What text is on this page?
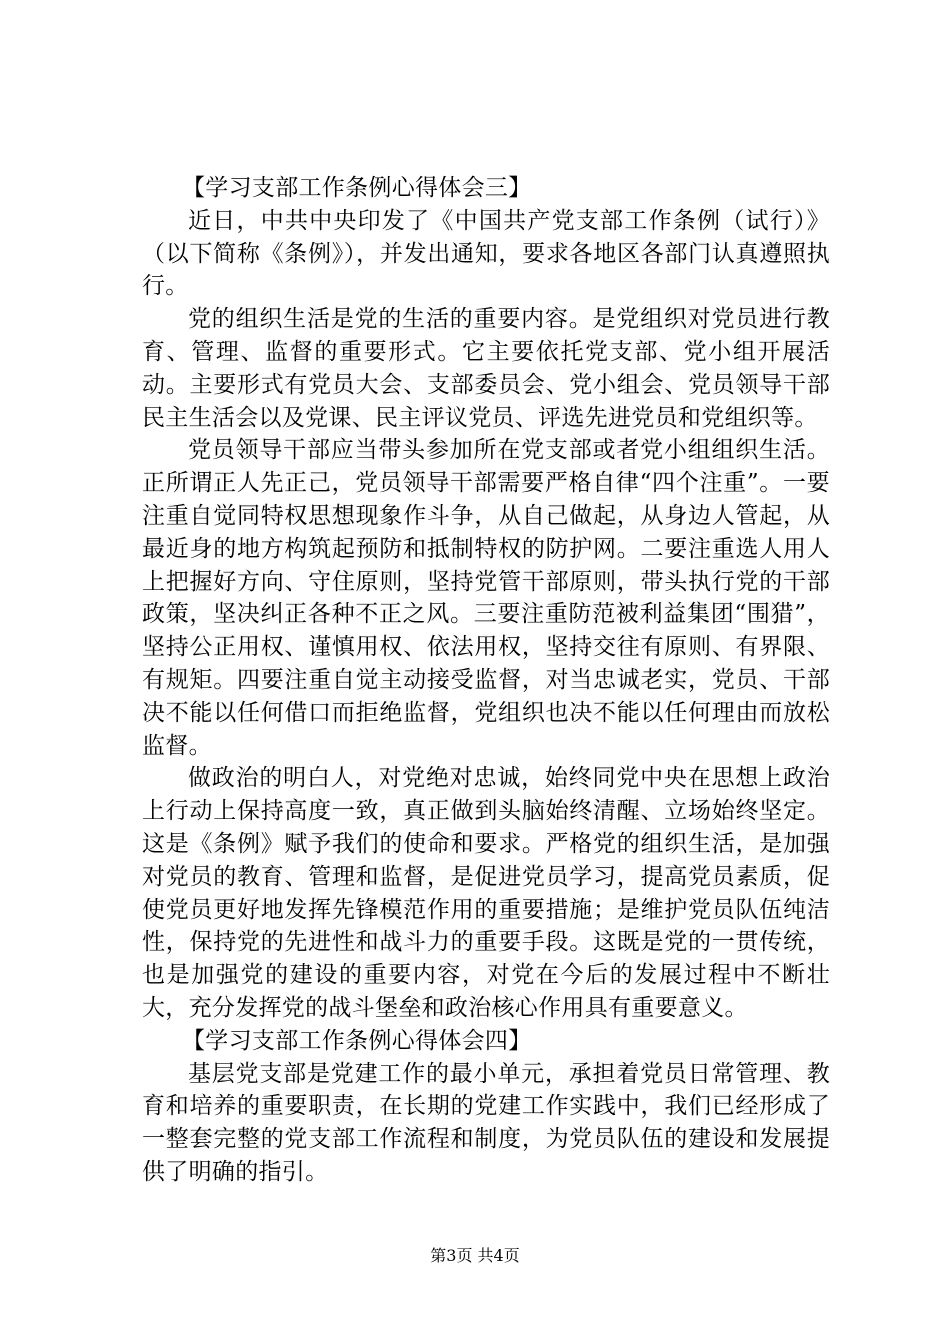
【学习支部工作条例心得体会三】

近日，中共中央印发了《中国共产党支部工作条例（试行）》（以下简称《条例》），并发出通知，要求各地区各部门认真遵照执行。

党的组织生活是党的生活的重要内容。是党组织对党员进行教育、管理、监督的重要形式。它主要依托党支部、党小组开展活动。主要形式有党员大会、支部委员会、党小组会、党员领导干部民主生活会以及党课、民主评议党员、评选先进党员和党组织等。

党员领导干部应当带头参加所在党支部或者党小组组织生活。正所谓正人先正己，党员领导干部需要严格自律“四个注重”。一要注重自觉同特权思想现象作斗争，从自己做起，从身边人管起，从最近身的地方构筑起预防和抵制特权的防护网。二要注重选人用人上把握好方向、守住原则，坚持党管干部原则，带头执行党的干部政策，坚决纠正各种不正之风。三要注重防范被利益集团“围猎”，坚持公正用权、谨慎用权、依法用权，坚持交往有原则、有界限、有规矩。四要注重自觉主动接受监督，对当忠诚老实，党员、干部决不能以任何借口而拒绝监督，党组织也决不能以任何理由而放松监督。

做政治的明白人，对党绝对忠诚，始终同党中央在思想上政治上行动上保持高度一致，真正做到头脑始终清醒、立场始终坚定。这是《条例》赋予我们的使命和要求。严格党的组织生活，是加强对党员的教育、管理和监督，是促进党员学习，提高党员素质，促使党员更好地发挥先锋模范作用的重要措施；是维护党员队伍纯洁性，保持党的先进性和战斗力的重要手段。这既是党的一贯传统，也是加强党的建设的重要内容，对党在今后的发展过程中不断壮大，充分发挥党的战斗堡垒和政治核心作用具有重要意义。

【学习支部工作条例心得体会四】

基层党支部是党建工作的最小单元，承担着党员日常管理、教育和培养的重要职责，在长期的党建工作实践中，我们已经形成了一整套完整的党支部工作流程和制度，为党员队伍的建设和发展提供了明确的指引。

第3页 共4页
